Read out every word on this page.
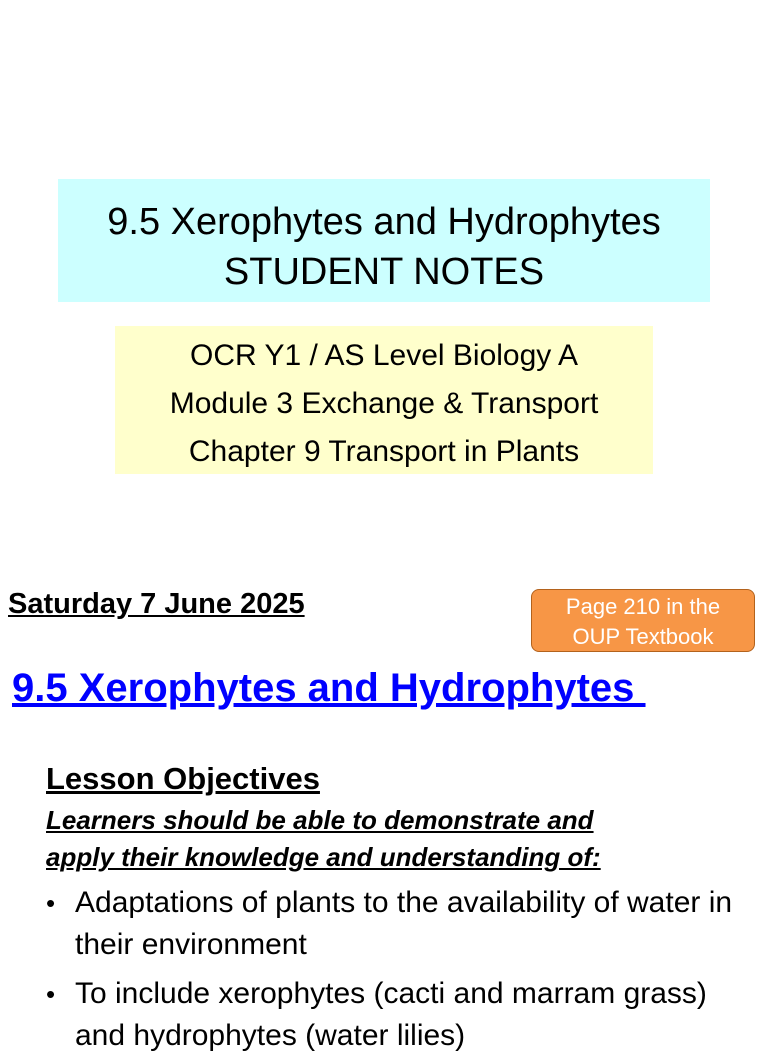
9.5 Xerophytes and Hydrophytes
STUDENT NOTES
OCR Y1 / AS Level Biology A
Module 3 Exchange & Transport
Chapter 9 Transport in Plants
Saturday 7 June 2025	Page 210 in the
OUP Textbook
9.5 Xerophytes and Hydrophytes
Lesson Objectives
Learners should be able to demonstrate and
apply their knowledge and understanding of:
• Adaptations of plants to the availability of water in their environment
• To include xerophytes (cacti and marram grass) and hydrophytes (water lilies)
